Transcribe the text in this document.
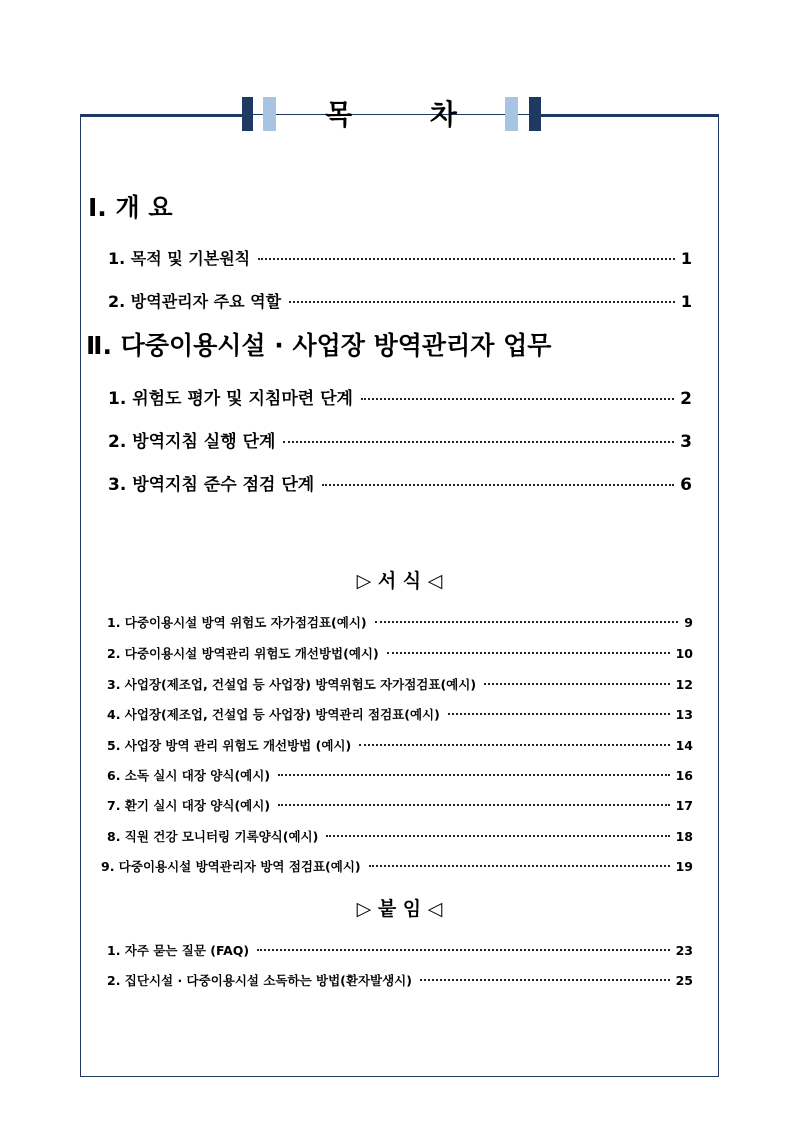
목 차
Ⅰ. 개 요
1. 목적 및 기본원칙	1
2. 방역관리자 주요 역할	1
Ⅱ. 다중이용시설 · 사업장 방역관리자 업무
1. 위험도 평가 및 지침마련 단계	2
2. 방역지침 실행 단계	3
3. 방역지침 준수 점검 단계	6
▷ 서 식 ◁
1. 다중이용시설 방역 위험도 자가점검표(예시)	9
2. 다중이용시설 방역관리 위험도 개선방법(예시)	10
3. 사업장(제조업, 건설업 등 사업장) 방역위험도 자가점검표(예시)	12
4. 사업장(제조업, 건설업 등 사업장) 방역관리 점검표(예시)	13
5. 사업장 방역 관리 위험도 개선방법 (예시)	14
6. 소독 실시 대장 양식(예시)	16
7. 환기 실시 대장 양식(예시)	17
8. 직원 건강 모니터링 기록양식(예시)	18
9. 다중이용시설 방역관리자 방역 점검표(예시)	19
▷ 붙 임 ◁
1. 자주 묻는 질문 (FAQ)	23
2. 집단시설 · 다중이용시설 소독하는 방법(환자발생시)	25
